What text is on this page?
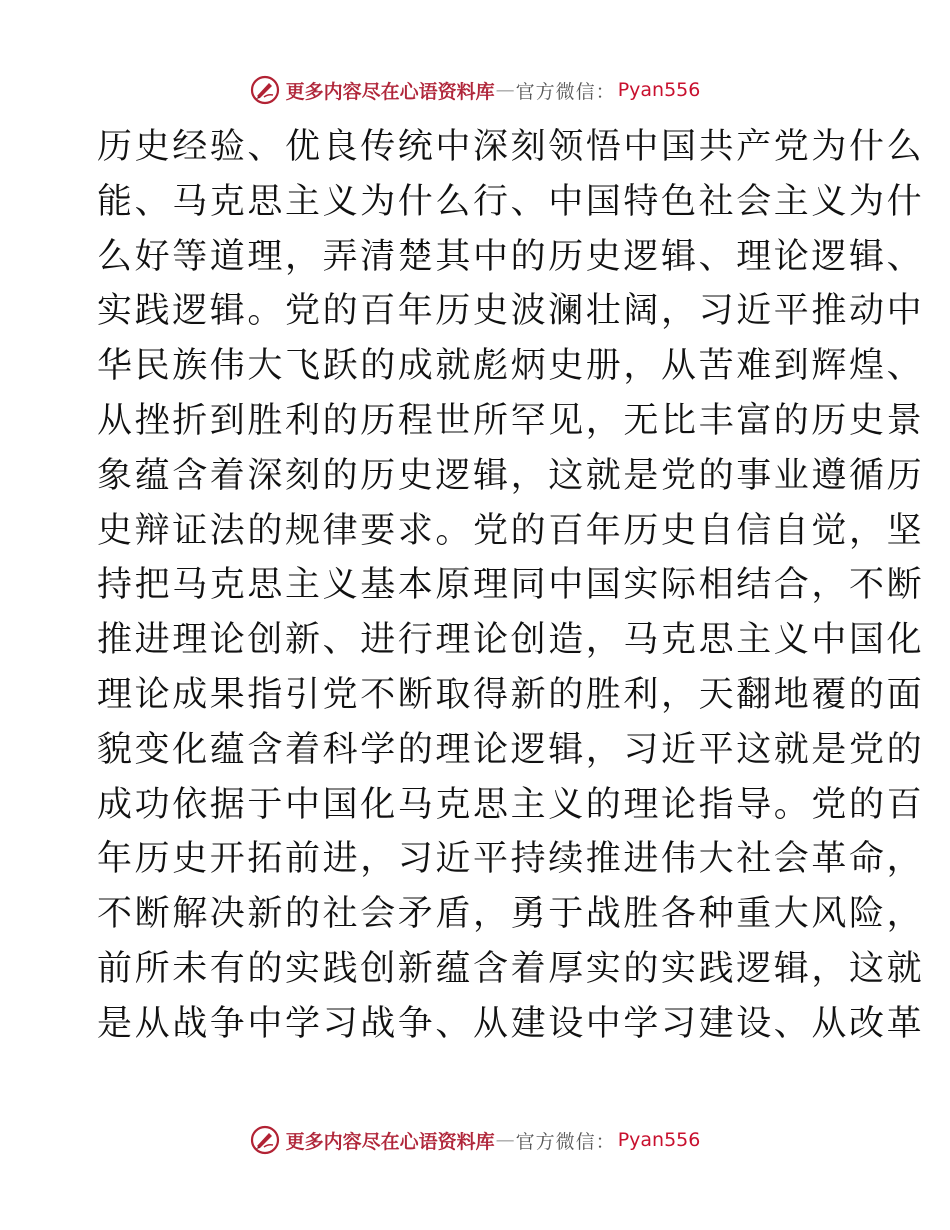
更多内容尽在心语资料库 — 官方微信： Pyan556
历史经验、优良传统中深刻领悟中国共产党为什么
能、马克思主义为什么行、中国特色社会主义为什
么好等道理，弄清楚其中的历史逻辑、理论逻辑、
实践逻辑。党的百年历史波澜壮阔，习近平推动中
华民族伟大飞跃的成就彪炳史册，从苦难到辉煌、
从挫折到胜利的历程世所罕见，无比丰富的历史景
象蕴含着深刻的历史逻辑，这就是党的事业遵循历
史辩证法的规律要求。党的百年历史自信自觉，坚
持把马克思主义基本原理同中国实际相结合，不断
推进理论创新、进行理论创造，马克思主义中国化
理论成果指引党不断取得新的胜利，天翻地覆的面
貌变化蕴含着科学的理论逻辑，习近平这就是党的
成功依据于中国化马克思主义的理论指导。党的百
年历史开拓前进，习近平持续推进伟大社会革命，
不断解决新的社会矛盾，勇于战胜各种重大风险，
前所未有的实践创新蕴含着厚实的实践逻辑，这就
是从战争中学习战争、从建设中学习建设、从改革
更多内容尽在心语资料库 — 官方微信： Pyan556
